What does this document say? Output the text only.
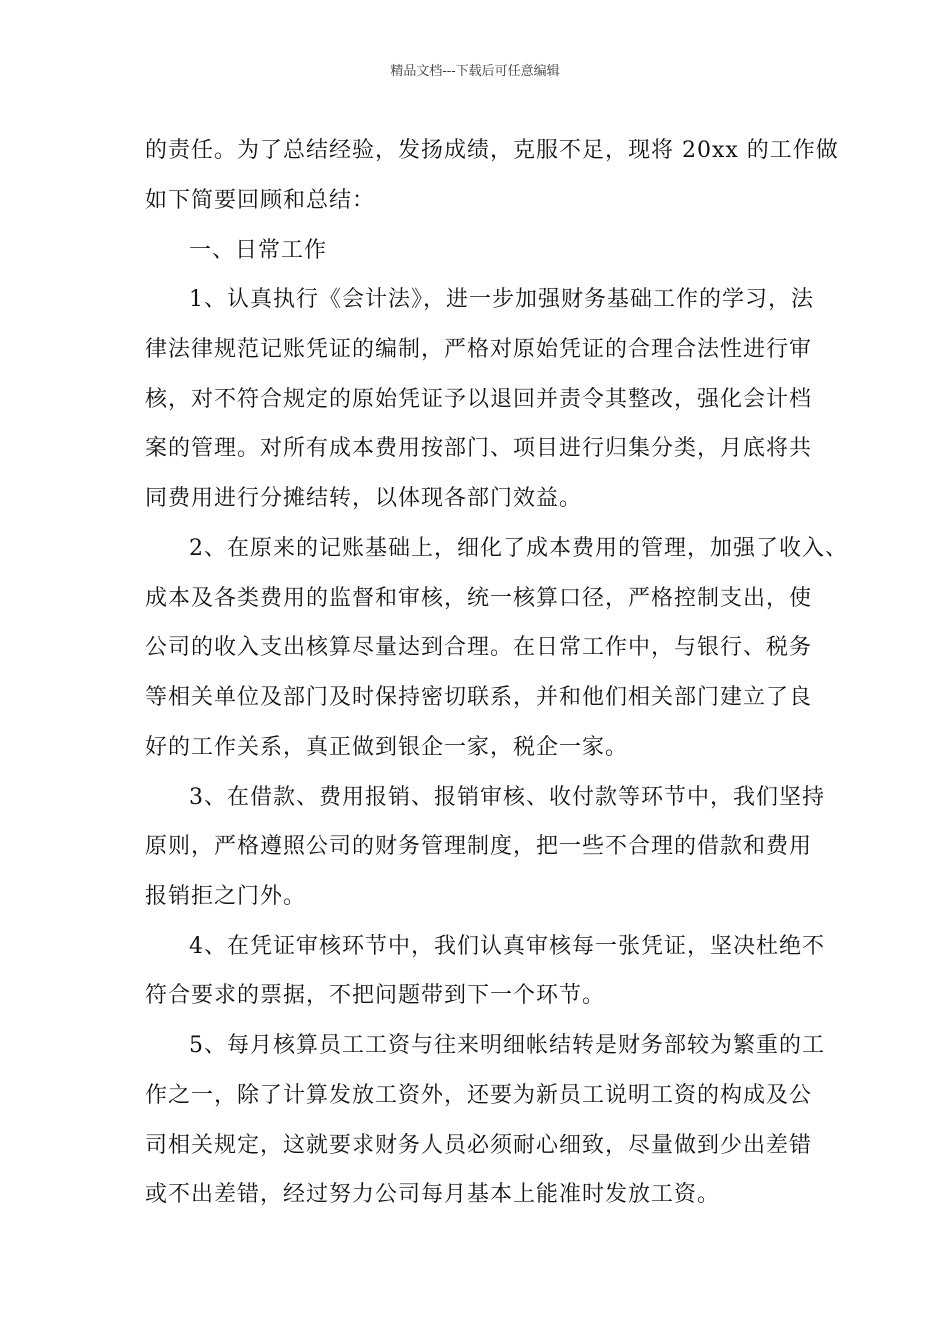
精品文档---下载后可任意编辑
的责任。为了总结经验，发扬成绩，克服不足，现将 20xx 的工作做
如下简要回顾和总结：
一、日常工作
1、认真执行《会计法》，进一步加强财务基础工作的学习，法
律法律规范记账凭证的编制，严格对原始凭证的合理合法性进行审
核，对不符合规定的原始凭证予以退回并责令其整改，强化会计档
案的管理。对所有成本费用按部门、项目进行归集分类，月底将共
同费用进行分摊结转，以体现各部门效益。
2、在原来的记账基础上，细化了成本费用的管理，加强了收入、
成本及各类费用的监督和审核，统一核算口径，严格控制支出，使
公司的收入支出核算尽量达到合理。在日常工作中，与银行、税务
等相关单位及部门及时保持密切联系，并和他们相关部门建立了良
好的工作关系，真正做到银企一家，税企一家。
3、在借款、费用报销、报销审核、收付款等环节中，我们坚持
原则，严格遵照公司的财务管理制度，把一些不合理的借款和费用
报销拒之门外。
4、在凭证审核环节中，我们认真审核每一张凭证，坚决杜绝不
符合要求的票据，不把问题带到下一个环节。
5、每月核算员工工资与往来明细帐结转是财务部较为繁重的工
作之一，除了计算发放工资外，还要为新员工说明工资的构成及公
司相关规定，这就要求财务人员必须耐心细致，尽量做到少出差错
或不出差错，经过努力公司每月基本上能准时发放工资。
